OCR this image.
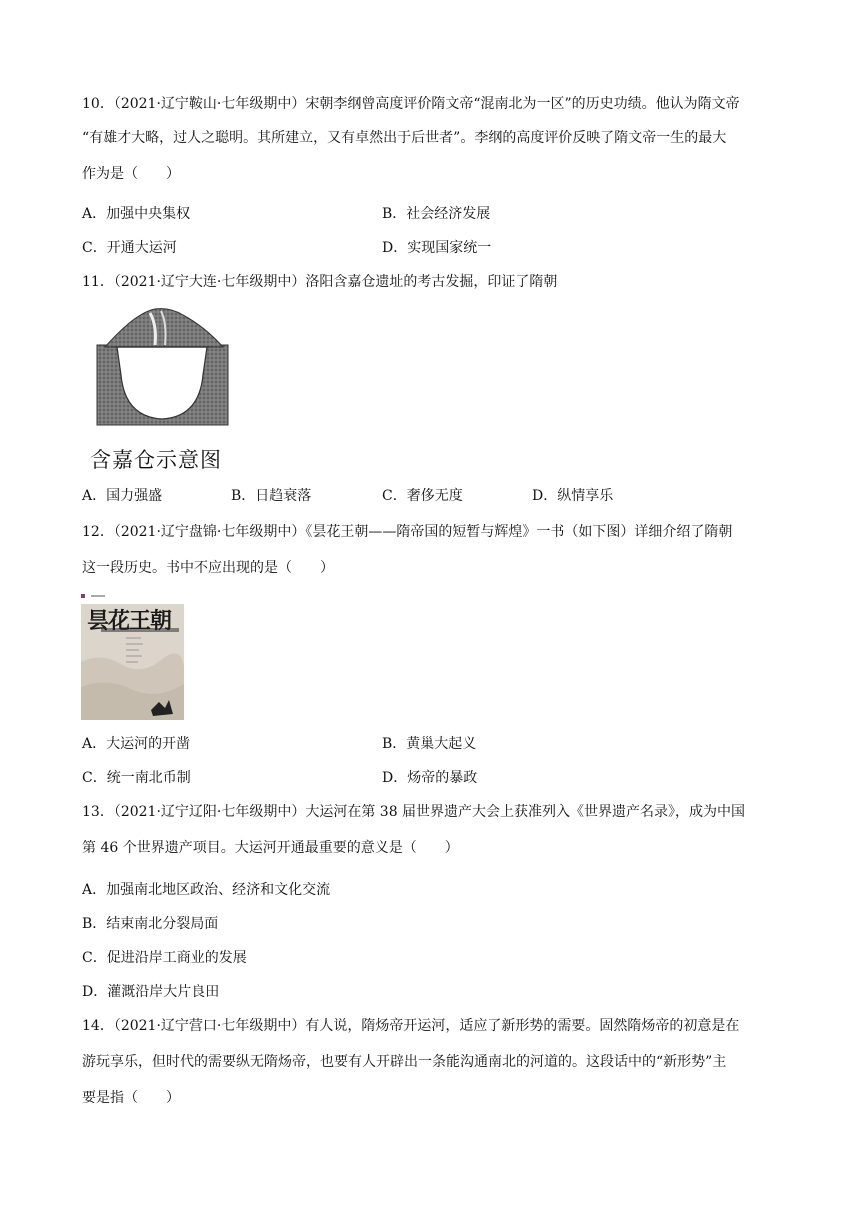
10．（2021·辽宁鞍山·七年级期中）宋朝李纲曾高度评价隋文帝“混南北为一区”的历史功绩。他认为隋文帝
“有雄才大略，过人之聪明。其所建立，又有卓然出于后世者”。李纲的高度评价反映了隋文帝一生的最大
作为是（　　）
A．加强中央集权	B．社会经济发展
C．开通大运河	D．实现国家统一
11．（2021·辽宁大连·七年级期中）洛阳含嘉仓遗址的考古发掘，印证了隋朝
含嘉仓示意图
A．国力强盛	B．日趋衰落	C．奢侈无度	D．纵情享乐
12．（2021·辽宁盘锦·七年级期中）《昙花王朝——隋帝国的短暂与辉煌》一书（如下图）详细介绍了隋朝
这一段历史。书中不应出现的是（　　）
昙花王朝
A．大运河的开凿	B．黄巢大起义
C．统一南北币制	D．炀帝的暴政
13．（2021·辽宁辽阳·七年级期中）大运河在第 38 届世界遗产大会上获准列入《世界遗产名录》，成为中国
第 46 个世界遗产项目。大运河开通最重要的意义是（　　）
A．加强南北地区政治、经济和文化交流
B．结束南北分裂局面
C．促进沿岸工商业的发展
D．灌溉沿岸大片良田
14．（2021·辽宁营口·七年级期中）有人说，隋炀帝开运河，适应了新形势的需要。固然隋炀帝的初意是在
游玩享乐，但时代的需要纵无隋炀帝，也要有人开辟出一条能沟通南北的河道的。这段话中的“新形势”主
要是指（　　）
